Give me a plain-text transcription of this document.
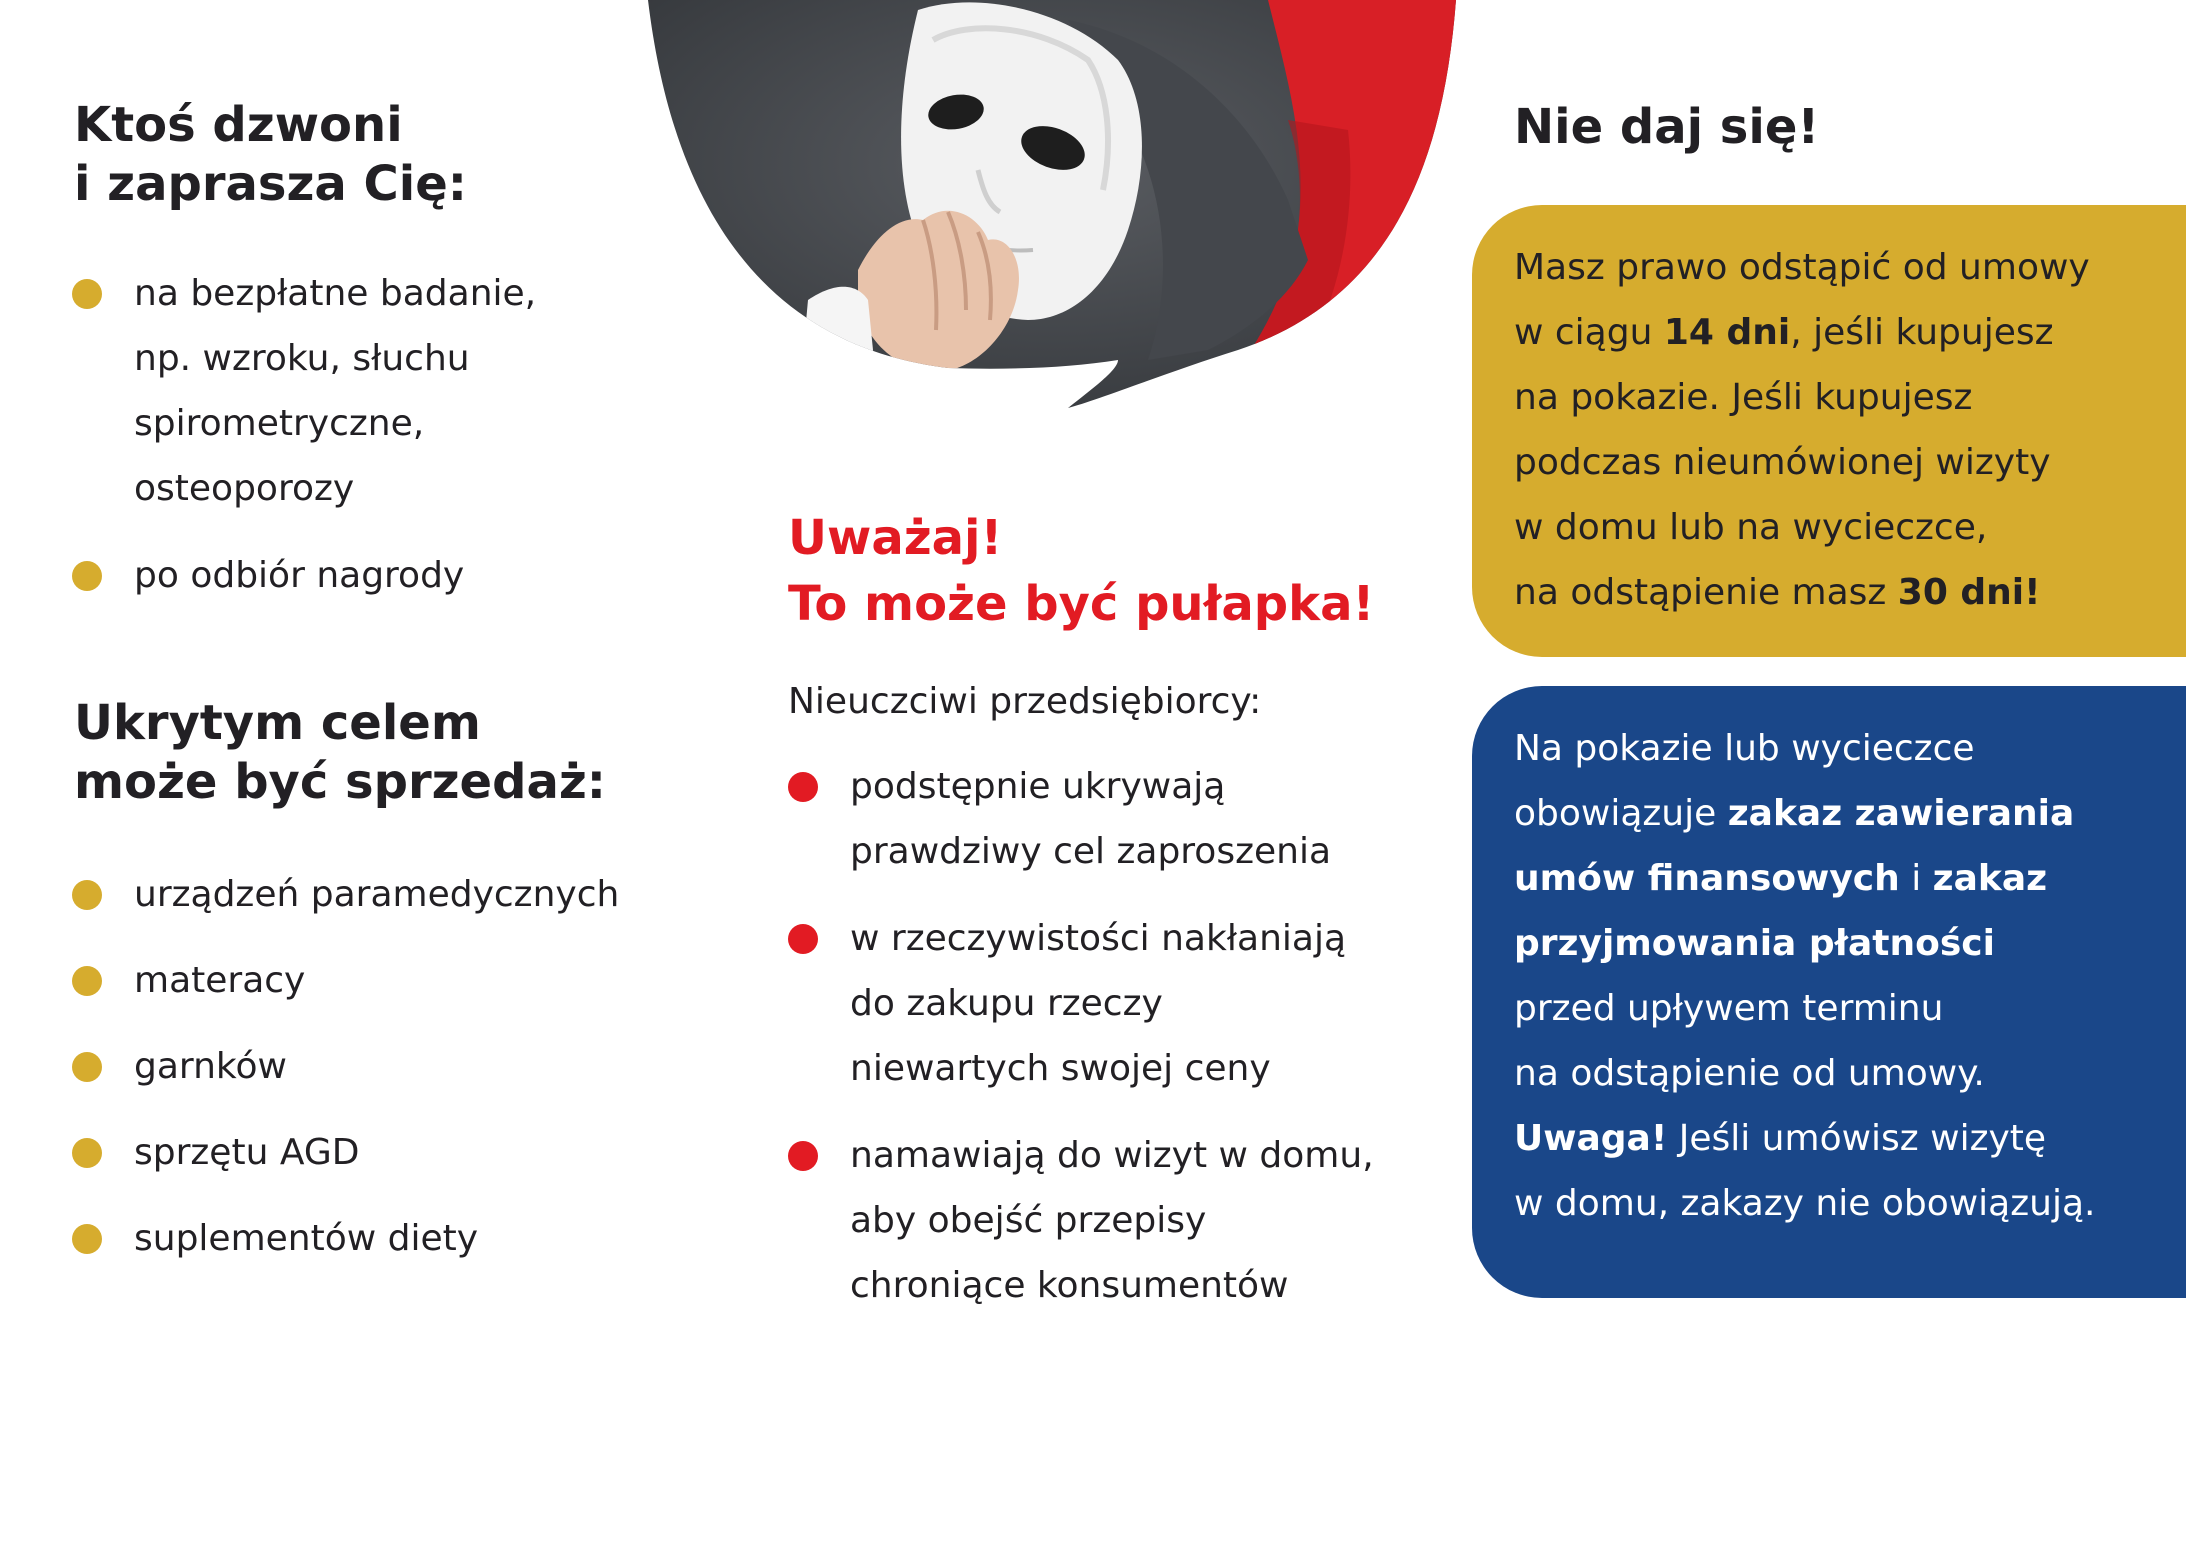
Ktoś dzwoni
i zaprasza Cię:
na bezpłatne badanie,
np. wzroku, słuchu
spirometryczne,
osteoporozy
po odbiór nagrody
Ukrytym celem
może być sprzedaż:
urządzeń paramedycznych
materacy
garnków
sprzętu AGD
suplementów diety
Uważaj!
To może być pułapka!

Nieuczciwi przedsiębiorcy:

podstępnie ukrywają
prawdziwy cel zaproszenia
w rzeczywistości nakłaniają
do zakupu rzeczy
niewartych swojej ceny
namawiają do wizyt w domu,
aby obejść przepisy
chroniące konsumentów
Nie daj się!

Masz prawo odstąpić od umowy

w ciągu 14 dni, jeśli kupujesz

na pokazie. Jeśli kupujesz

podczas nieumówionej wizyty

w domu lub na wycieczce,

na odstąpienie masz 30 dni!

Na pokazie lub wycieczce

obowiązuje zakaz zawierania

umów finansowych i zakaz

przyjmowania płatności

przed upływem terminu

na odstąpienie od umowy.

Uwaga! Jeśli umówisz wizytę

w domu, zakazy nie obowiązują.
